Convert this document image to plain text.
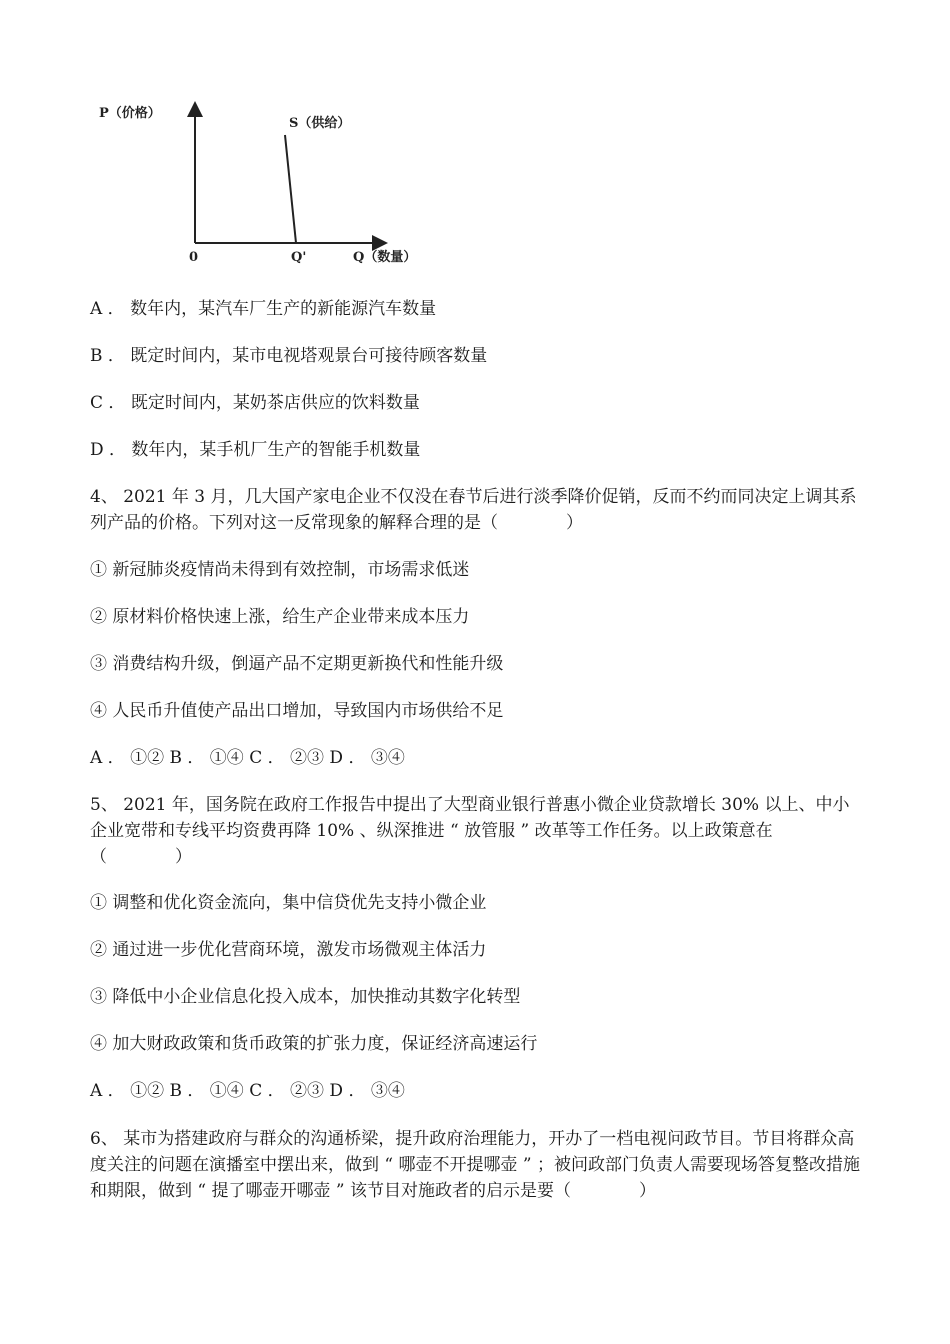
P（价格）
S（供给）
0	Q'	Q（数量）
A ． 数年内，某汽车厂生产的新能源汽车数量
B ． 既定时间内，某市电视塔观景台可接待顾客数量
C ． 既定时间内，某奶茶店供应的饮料数量
D ． 数年内，某手机厂生产的智能手机数量
4、 2021 年 3 月，几大国产家电企业不仅没在春节后进行淡季降价促销，反而不约而同决定上调其系列产品的价格。下列对这一反常现象的解释合理的是（　　　　）
① 新冠肺炎疫情尚未得到有效控制，市场需求低迷
② 原材料价格快速上涨，给生产企业带来成本压力
③ 消费结构升级，倒逼产品不定期更新换代和性能升级
④ 人民币升值使产品出口增加，导致国内市场供给不足
A ． ①② B ． ①④ C ． ②③ D ． ③④
5、 2021 年，国务院在政府工作报告中提出了大型商业银行普惠小微企业贷款增长 30% 以上、中小企业宽带和专线平均资费再降 10% 、纵深推进 “ 放管服 ” 改革等工作任务。以上政策意在（　　　　）
① 调整和优化资金流向，集中信贷优先支持小微企业
② 通过进一步优化营商环境，激发市场微观主体活力
③ 降低中小企业信息化投入成本，加快推动其数字化转型
④ 加大财政政策和货币政策的扩张力度，保证经济高速运行
A ． ①② B ． ①④ C ． ②③ D ． ③④
6、 某市为搭建政府与群众的沟通桥梁，提升政府治理能力，开办了一档电视问政节目。节目将群众高度关注的问题在演播室中摆出来，做到 “ 哪壶不开提哪壶 ” ；被问政部门负责人需要现场答复整改措施和期限，做到 “ 提了哪壶开哪壶 ” 该节目对施政者的启示是要（　　　　）
